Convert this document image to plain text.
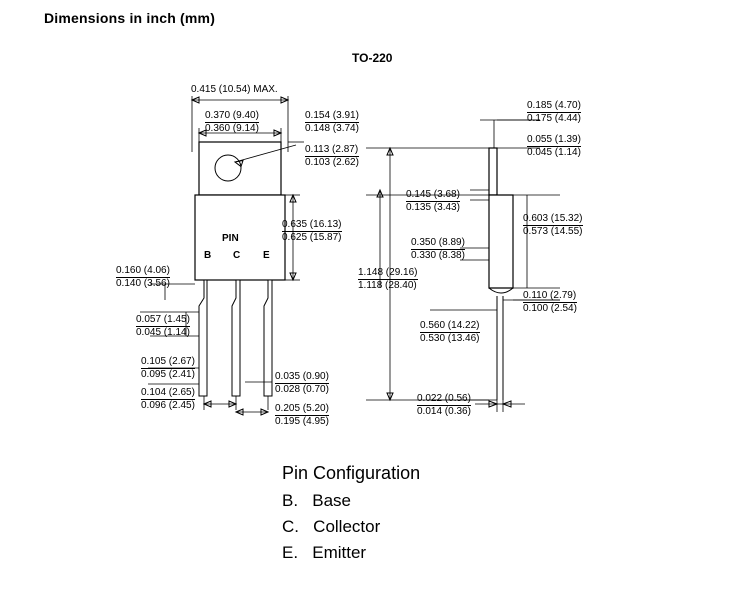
Dimensions in inch (mm)
TO-220
0.415 (10.54) MAX.
0.370 (9.40)
0.360 (9.14)
0.154 (3.91)
0.148 (3.74)
0.113 (2.87)
0.103 (2.62)
0.635 (16.13)
0.625 (15.87)
0.160 (4.06)
0.140 (3.56)
0.057 (1.45)
0.045 (1.14)
0.105 (2.67)
0.095 (2.41)
0.104 (2.65)
0.096 (2.45)
0.035 (0.90)
0.028 (0.70)
0.205 (5.20)
0.195 (4.95)
PIN
B C E
0.185 (4.70)
0.175 (4.44)
0.055 (1.39)
0.045 (1.14)
0.145 (3.68)
0.135 (3.43)
0.603 (15.32)
0.573 (14.55)
0.350 (8.89)
0.330 (8.38)
1.148 (29.16)
1.118 (28.40)
0.110 (2.79)
0.100 (2.54)
0.560 (14.22)
0.530 (13.46)
0.022 (0.56)
0.014 (0.36)
Pin Configuration
B. Base
C. Collector
E. Emitter
